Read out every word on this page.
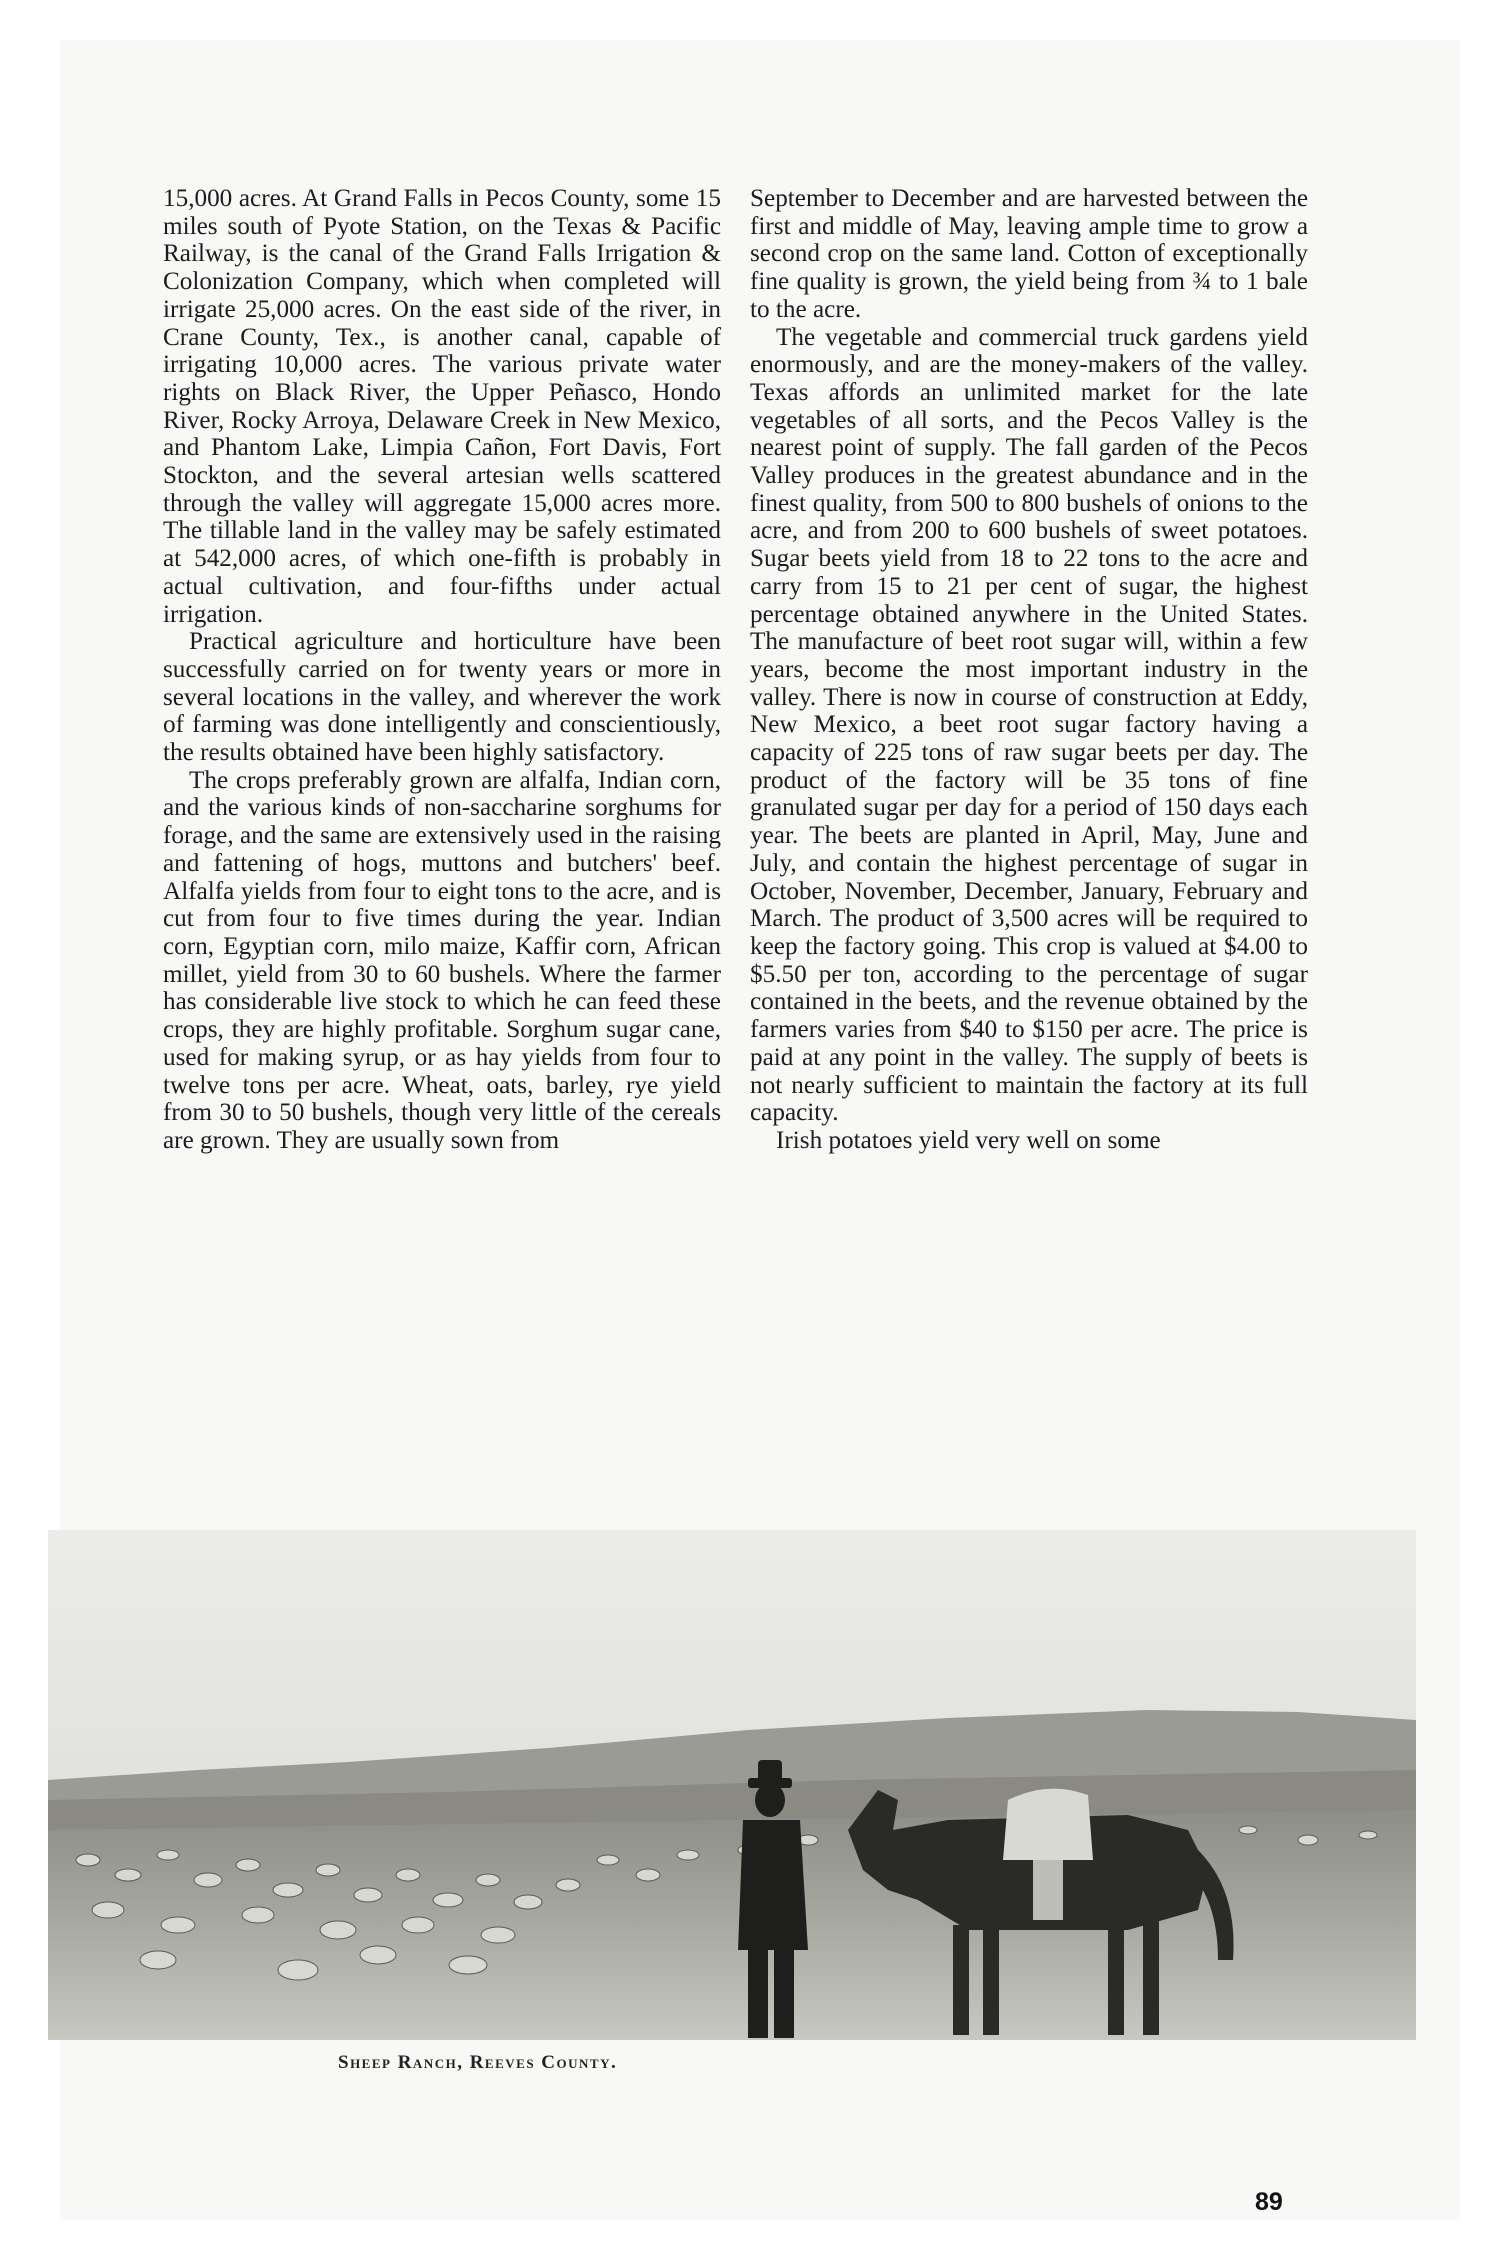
15,000 acres. At Grand Falls in Pecos County, some 15 miles south of Pyote Station, on the Texas & Pacific Railway, is the canal of the Grand Falls Irrigation & Colonization Company, which when completed will irrigate 25,000 acres. On the east side of the river, in Crane County, Tex., is another canal, capable of irrigating 10,000 acres. The various private water rights on Black River, the Upper Peñasco, Hondo River, Rocky Arroya, Delaware Creek in New Mexico, and Phantom Lake, Limpia Cañon, Fort Davis, Fort Stockton, and the several artesian wells scattered through the valley will aggregate 15,000 acres more. The tillable land in the valley may be safely estimated at 542,000 acres, of which one-fifth is probably in actual cultivation, and four-fifths under actual irrigation.

Practical agriculture and horticulture have been successfully carried on for twenty years or more in several locations in the valley, and wherever the work of farming was done intelligently and conscientiously, the results obtained have been highly satisfactory.

The crops preferably grown are alfalfa, Indian corn, and the various kinds of non-saccharine sorghums for forage, and the same are extensively used in the raising and fattening of hogs, muttons and butchers' beef. Alfalfa yields from four to eight tons to the acre, and is cut from four to five times during the year. Indian corn, Egyptian corn, milo maize, Kaffir corn, African millet, yield from 30 to 60 bushels. Where the farmer has considerable live stock to which he can feed these crops, they are highly profitable. Sorghum sugar cane, used for making syrup, or as hay yields from four to twelve tons per acre. Wheat, oats, barley, rye yield from 30 to 50 bushels, though very little of the cereals are grown. They are usually sown from

September to December and are harvested between the first and middle of May, leaving ample time to grow a second crop on the same land. Cotton of exceptionally fine quality is grown, the yield being from ¾ to 1 bale to the acre.

The vegetable and commercial truck gardens yield enormously, and are the money-makers of the valley. Texas affords an unlimited market for the late vegetables of all sorts, and the Pecos Valley is the nearest point of supply. The fall garden of the Pecos Valley produces in the greatest abundance and in the finest quality, from 500 to 800 bushels of onions to the acre, and from 200 to 600 bushels of sweet potatoes. Sugar beets yield from 18 to 22 tons to the acre and carry from 15 to 21 per cent of sugar, the highest percentage obtained anywhere in the United States. The manufacture of beet root sugar will, within a few years, become the most important industry in the valley. There is now in course of construction at Eddy, New Mexico, a beet root sugar factory having a capacity of 225 tons of raw sugar beets per day. The product of the factory will be 35 tons of fine granulated sugar per day for a period of 150 days each year. The beets are planted in April, May, June and July, and contain the highest percentage of sugar in October, November, December, January, February and March. The product of 3,500 acres will be required to keep the factory going. This crop is valued at $4.00 to $5.50 per ton, according to the percentage of sugar contained in the beets, and the revenue obtained by the farmers varies from $40 to $150 per acre. The price is paid at any point in the valley. The supply of beets is not nearly sufficient to maintain the factory at its full capacity.

Irish potatoes yield very well on some

Sheep Ranch, Reeves County.
89
